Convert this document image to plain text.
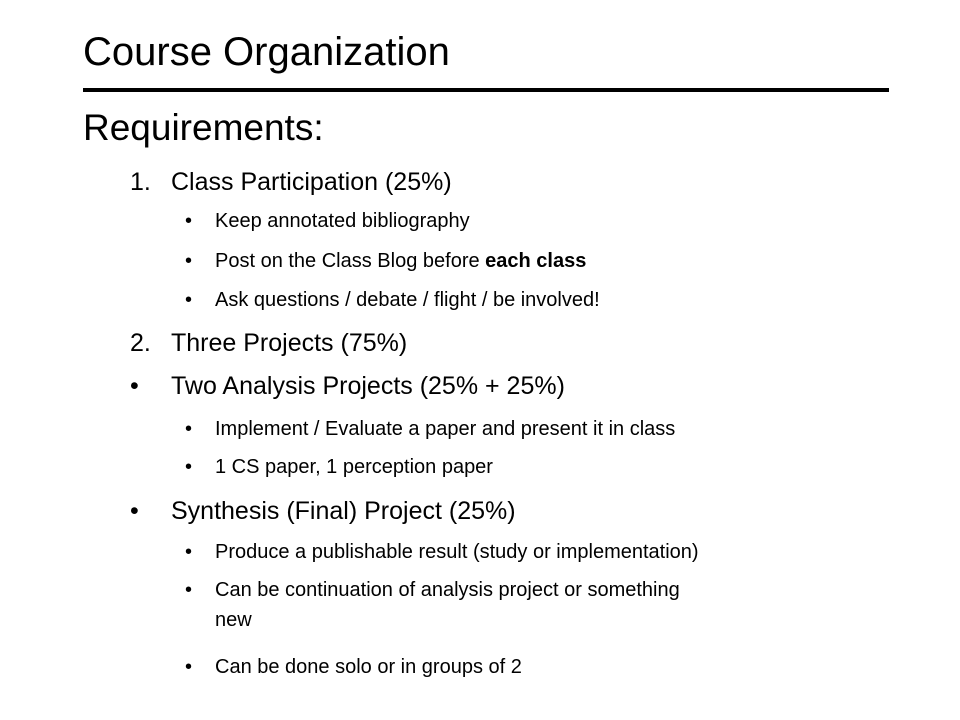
Course Organization
Requirements:
1. Class Participation (25%)
• Keep annotated bibliography
• Post on the Class Blog before each class
• Ask questions / debate / flight / be involved!
2. Three Projects (75%)
• Two Analysis Projects (25% + 25%)
• Implement / Evaluate a paper and present it in class
• 1 CS paper, 1 perception paper
• Synthesis (Final) Project (25%)
• Produce a publishable result (study or implementation)
• Can be continuation of analysis project or something
new
• Can be done solo or in groups of 2
